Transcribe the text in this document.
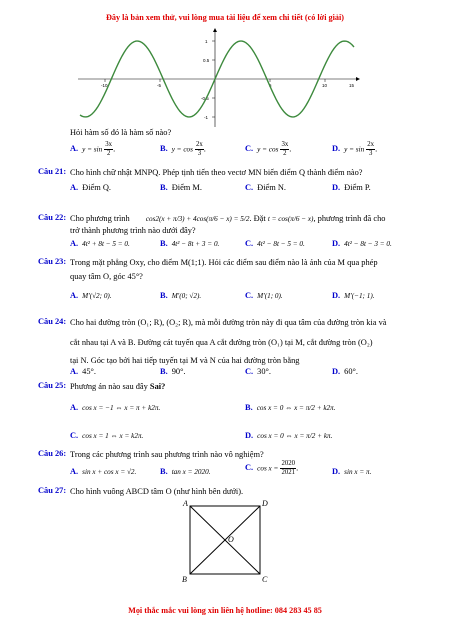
Đây là bản xem thử, vui lòng mua tài liệu để xem chi tiết (có lời giải)
1
0.5
-0.5
-1
-10	-5	5	10	15
Hỏi hàm số đó là hàm số nào?
A. $y = \sin \frac{3x}{2}$ .	B. $y = \cos \frac{2x}{3}$ .	C. $y = \cos \frac{3x}{2}$ .	D. $y = \sin \frac{2x}{3}$ .
Câu 21: Cho hình chữ nhật MNPQ. Phép tịnh tiến theo vectơ MN biến điểm Q thành điểm nào?
A. Điểm Q.	B. Điểm M.	C. Điểm N.	D. Điểm P.
Câu 22: Cho phương trình cos2(x + π/3) + 4cos(π/6 − x) = 5/2. Đặt t = cos(π/6 − x), phương trình đã cho
trở thành phương trình nào dưới đây?
A. 4t² + 8t − 5 = 0.	B. 4t² − 8t + 3 = 0.	C. 4t² − 8t − 5 = 0.	D. 4t² − 8t − 3 = 0.
Câu 23: Trong mặt phẳng Oxy, cho điểm M(1;1). Hỏi các điểm sau điểm nào là ảnh của M qua phép
quay tâm O, góc 45°?
A. M′(√2; 0).	B. M′(0; √2).	C. M′(1; 0).	D. M′(−1; 1).
Câu 24: Cho hai đường tròn (O₁; R), (O₂; R), mà mỗi đường tròn này đi qua tâm của đường tròn kia và
cắt nhau tại A và B. Đường cát tuyến qua A cắt đường tròn (O₁) tại M, cắt đường tròn (O₂)
tại N. Góc tạo bởi hai tiếp tuyến tại M và N của hai đường tròn bằng
A. 45°.	B. 90°.	C. 30°.	D. 60°.
Câu 25: Phương án nào sau đây Sai?
A. cos x = −1 ⇔ x = π + k2π.	B. cos x = 0 ⇔ x = π/2 + k2π.
C. cos x = 1 ⇔ x = k2π.	D. cos x = 0 ⇔ x = π/2 + kπ.
Câu 26: Trong các phương trình sau phương trình nào vô nghiệm?
A. sin x + cos x = √2.	B. tan x = 2020.	C. $\cos x = \frac{2020}{2021}$ .	D. sin x = π.
Câu 27: Cho hình vuông ABCD tâm O (như hình bên dưới).
A	D
B	C
O
Mọi thắc mắc vui lòng xin liên hệ hotline: 084 283 45 85
